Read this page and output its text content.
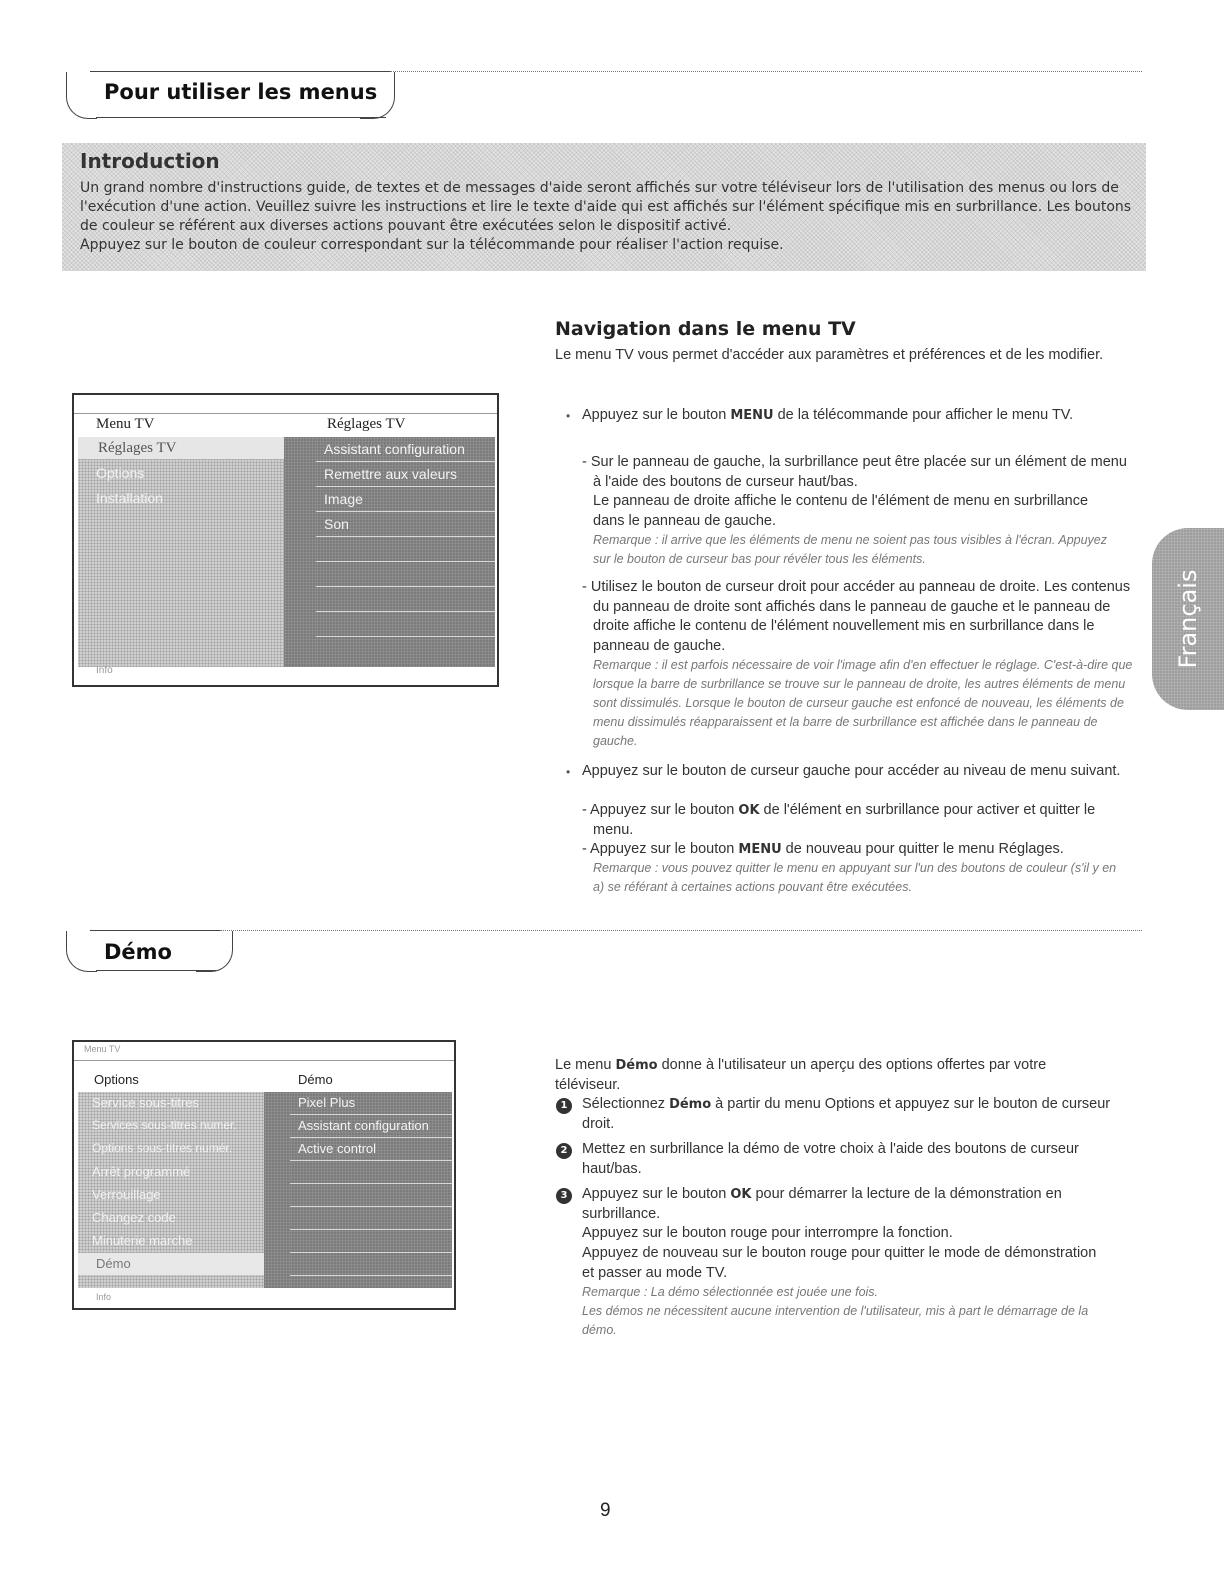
Pour utiliser les menus
Introduction

Un grand nombre d'instructions guide, de textes et de messages d'aide seront affichés sur votre téléviseur lors de l'utilisation des menus ou lors de l'exécution d'une action. Veuillez suivre les instructions et lire le texte d'aide qui est affichés sur l'élément spécifique mis en surbrillance. Les boutons de couleur se référent aux diverses actions pouvant être exécutées selon le dispositif activé.
Appuyez sur le bouton de couleur correspondant sur la télécommande pour réaliser l'action requise.

Menu TV	Réglages TV
Réglages TV
Options
Installation
Assistant configuration
Remettre aux valeurs
Image
Son
Info
Navigation dans le menu TV

Le menu TV vous permet d'accéder aux paramètres et préférences et de les modifier.

• Appuyez sur le bouton MENU de la télécommande pour afficher le menu TV.

- Sur le panneau de gauche, la surbrillance peut être placée sur un élément de menu à l'aide des boutons de curseur haut/bas.

Le panneau de droite affiche le contenu de l'élément de menu en surbrillance dans le panneau de gauche.

Remarque : il arrive que les éléments de menu ne soient pas tous visibles à l'écran. Appuyez sur le bouton de curseur bas pour révéler tous les éléments.

- Utilisez le bouton de curseur droit pour accéder au panneau de droite. Les contenus du panneau de droite sont affichés dans le panneau de gauche et le panneau de droite affiche le contenu de l'élément nouvellement mis en surbrillance dans le panneau de gauche.

Remarque : il est parfois nécessaire de voir l'image afin d'en effectuer le réglage. C'est-à-dire que lorsque la barre de surbrillance se trouve sur le panneau de droite, les autres éléments de menu sont dissimulés. Lorsque le bouton de curseur gauche est enfoncé de nouveau, les éléments de menu dissimulés réapparaissent et la barre de surbrillance est affichée dans le panneau de gauche.

• Appuyez sur le bouton de curseur gauche pour accéder au niveau de menu suivant.

- Appuyez sur le bouton OK de l'élément en surbrillance pour activer et quitter le menu.

- Appuyez sur le bouton MENU de nouveau pour quitter le menu Réglages.

Remarque : vous pouvez quitter le menu en appuyant sur l'un des boutons de couleur (s'il y en a) se référant à certaines actions pouvant être exécutées.

Démo
Menu TV
Options	Démo
Service sous-titres
Services sous-titres numer.
Options sous-titres numér.
Arrêt programmé
Verrouillage
Changez code
Minuterie marche
Démo
Pixel Plus
Assistant configuration
Active control
Info

Le menu Démo donne à l'utilisateur un aperçu des options offertes par votre téléviseur.

1	Sélectionnez Démo à partir du menu Options et appuyez sur le bouton de curseur droit.

2	Mettez en surbrillance la démo de votre choix à l'aide des boutons de curseur haut/bas.

3	Appuyez sur le bouton OK pour démarrer la lecture de la démonstration en surbrillance.

Appuyez sur le bouton rouge pour interrompre la fonction.

Appuyez de nouveau sur le bouton rouge pour quitter le mode de démonstration et passer au mode TV.

Remarque : La démo sélectionnée est jouée une fois.

Les démos ne nécessitent aucune intervention de l'utilisateur, mis à part le démarrage de la démo.

Français
9
